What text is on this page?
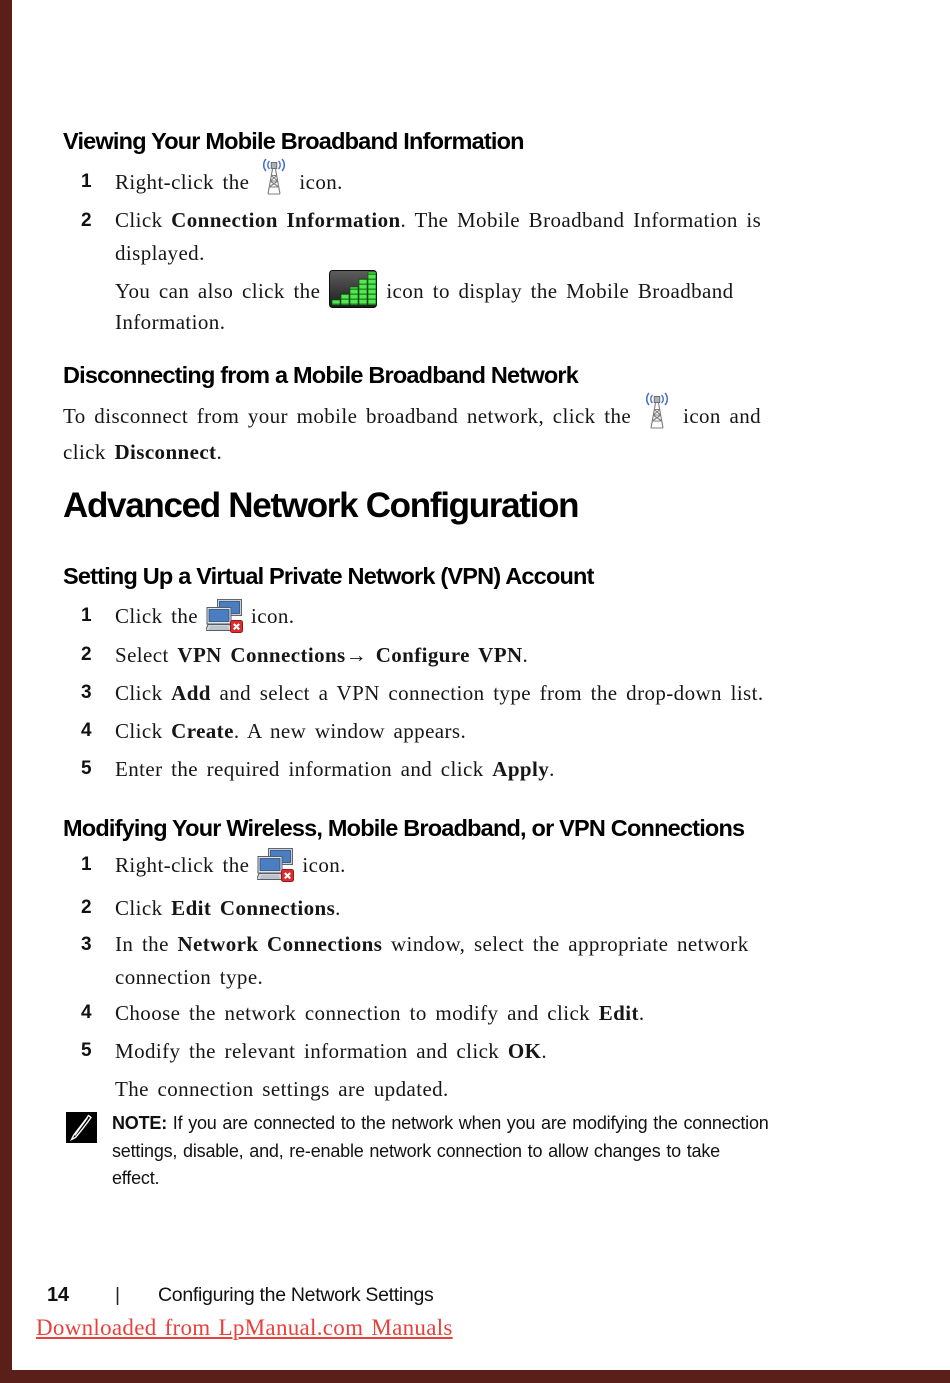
Viewing Your Mobile Broadband Information
1	Right-click the icon.
2	Click Connection Information. The Mobile Broadband Information is
displayed.
You can also click the	icon to display the Mobile Broadband
Information.
Disconnecting from a Mobile Broadband Network
To disconnect from your mobile broadband network, click the icon and
click Disconnect.
Advanced Network Configuration
Setting Up a Virtual Private Network (VPN) Account
1	Click the	icon.
2	Select VPN Connections→ Configure VPN.
3	Click Add and select a VPN connection type from the drop-down list.
4	Click Create. A new window appears.
5	Enter the required information and click Apply.
Modifying Your Wireless, Mobile Broadband, or VPN Connections
1	Right-click the	icon.
2	Click Edit Connections.
3	In the Network Connections window, select the appropriate network
connection type.
4	Choose the network connection to modify and click Edit.
5	Modify the relevant information and click OK.
The connection settings are updated.
NOTE: If you are connected to the network when you are modifying the connection
settings, disable, and, re-enable network connection to allow changes to take
effect.
14	|	Configuring the Network Settings
Downloaded from LpManual.com Manuals
